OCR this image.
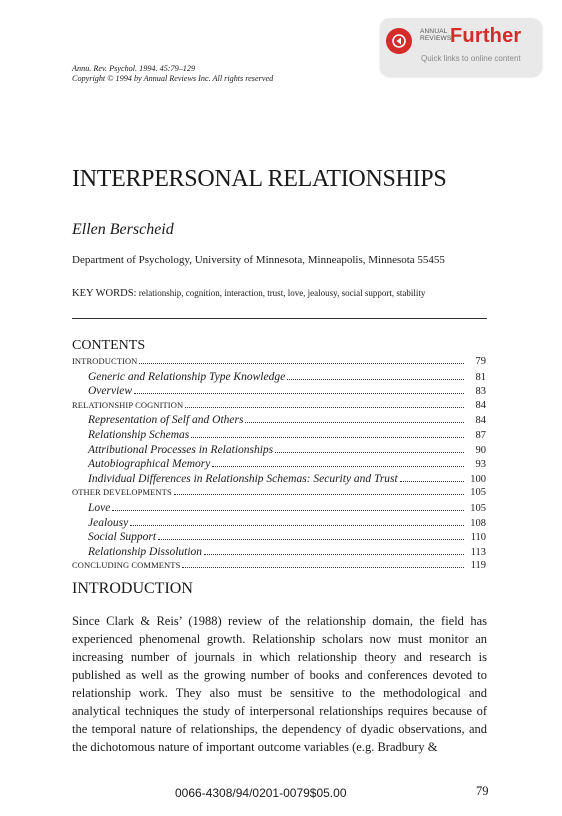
Annu. Rev. Psychol. 1994. 45:79–129
Copyright © 1994 by Annual Reviews Inc. All rights reserved
ANNUAL
REVIEWS
Further
Quick links to online content
INTERPERSONAL RELATIONSHIPS
Ellen Berscheid
Department of Psychology, University of Minnesota, Minneapolis, Minnesota 55455
KEY WORDS: relationship, cognition, interaction, trust, love, jealousy, social support, stability
CONTENTS
INTRODUCTION	79
Generic and Relationship Type Knowledge	81
Overview	83
RELATIONSHIP COGNITION	84
Representation of Self and Others	84
Relationship Schemas	87
Attributional Processes in Relationships	90
Autobiographical Memory	93
Individual Differences in Relationship Schemas: Security and Trust	100
OTHER DEVELOPMENTS	105
Love	105
Jealousy	108
Social Support	110
Relationship Dissolution	113
CONCLUDING COMMENTS	119
INTRODUCTION
Since Clark & Reis’ (1988) review of the relationship domain, the field has experienced phenomenal growth. Relationship scholars now must monitor an increasing number of journals in which relationship theory and research is published as well as the growing number of books and conferences devoted to relationship work. They also must be sensitive to the methodological and analytical techniques the study of interpersonal relationships requires because of the temporal nature of relationships, the dependency of dyadic observations, and the dichotomous nature of important outcome variables (e.g. Bradbury &
0066-4308/94/0201-0079$05.00	79
